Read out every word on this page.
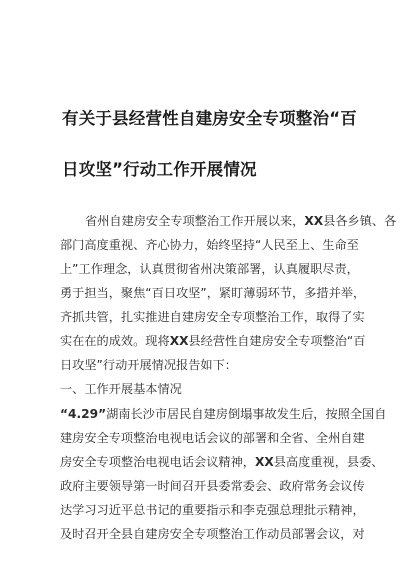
有关于县经营性自建房安全专项整治“百
日攻坚”行动工作开展情况
省州自建房安全专项整治工作开展以来，XX县各乡镇、各
部门高度重视、齐心协力，始终坚持“人民至上、生命至
上”工作理念，认真贯彻省州决策部署，认真履职尽责，
勇于担当，聚焦“百日攻坚”，紧盯薄弱环节，多措并举，
齐抓共管，扎实推进自建房安全专项整治工作，取得了实
实在在的成效。现将XX县经营性自建房安全专项整治“百
日攻坚”行动开展情况报告如下：
一、工作开展基本情况
“4.29”湖南长沙市居民自建房倒塌事故发生后，按照全国自
建房安全专项整治电视电话会议的部署和全省、全州自建
房安全专项整治电视电话会议精神，XX县高度重视，县委、
政府主要领导第一时间召开县委常委会、政府常务会议传
达学习习近平总书记的重要指示和李克强总理批示精神，
及时召开全县自建房安全专项整治工作动员部署会议，对
